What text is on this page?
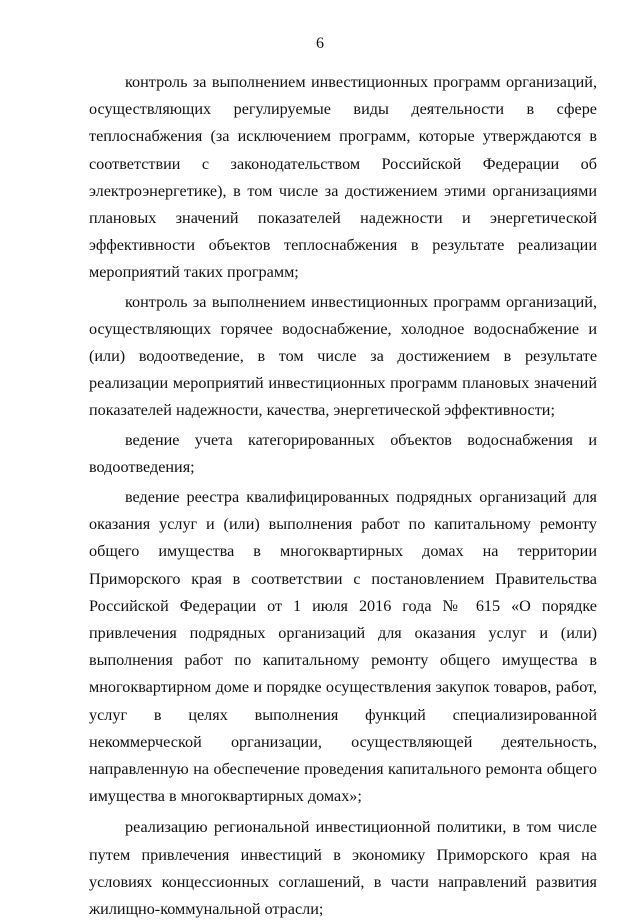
6

контроль за выполнением инвестиционных программ организаций, осуществляющих регулируемые виды деятельности в сфере теплоснабжения (за исключением программ, которые утверждаются в соответствии с законодательством Российской Федерации об электроэнергетике), в том числе за достижением этими организациями плановых значений показателей надежности и энергетической эффективности объектов теплоснабжения в результате реализации мероприятий таких программ;

контроль за выполнением инвестиционных программ организаций, осуществляющих горячее водоснабжение, холодное водоснабжение и (или) водоотведение, в том числе за достижением в результате реализации мероприятий инвестиционных программ плановых значений показателей надежности, качества, энергетической эффективности;

ведение учета категорированных объектов водоснабжения и водоотведения;

ведение реестра квалифицированных подрядных организаций для оказания услуг и (или) выполнения работ по капитальному ремонту общего имущества в многоквартирных домах на территории Приморского края в соответствии с постановлением Правительства Российской Федерации от 1 июля 2016 года № 615 «О порядке привлечения подрядных организаций для оказания услуг и (или) выполнения работ по капитальному ремонту общего имущества в многоквартирном доме и порядке осуществления закупок товаров, работ, услуг в целях выполнения функций специализированной некоммерческой организации, осуществляющей деятельность, направленную на обеспечение проведения капитального ремонта общего имущества в многоквартирных домах»;

реализацию региональной инвестиционной политики, в том числе путем привлечения инвестиций в экономику Приморского края на условиях концессионных соглашений, в части направлений развития жилищно-коммунальной отрасли;
